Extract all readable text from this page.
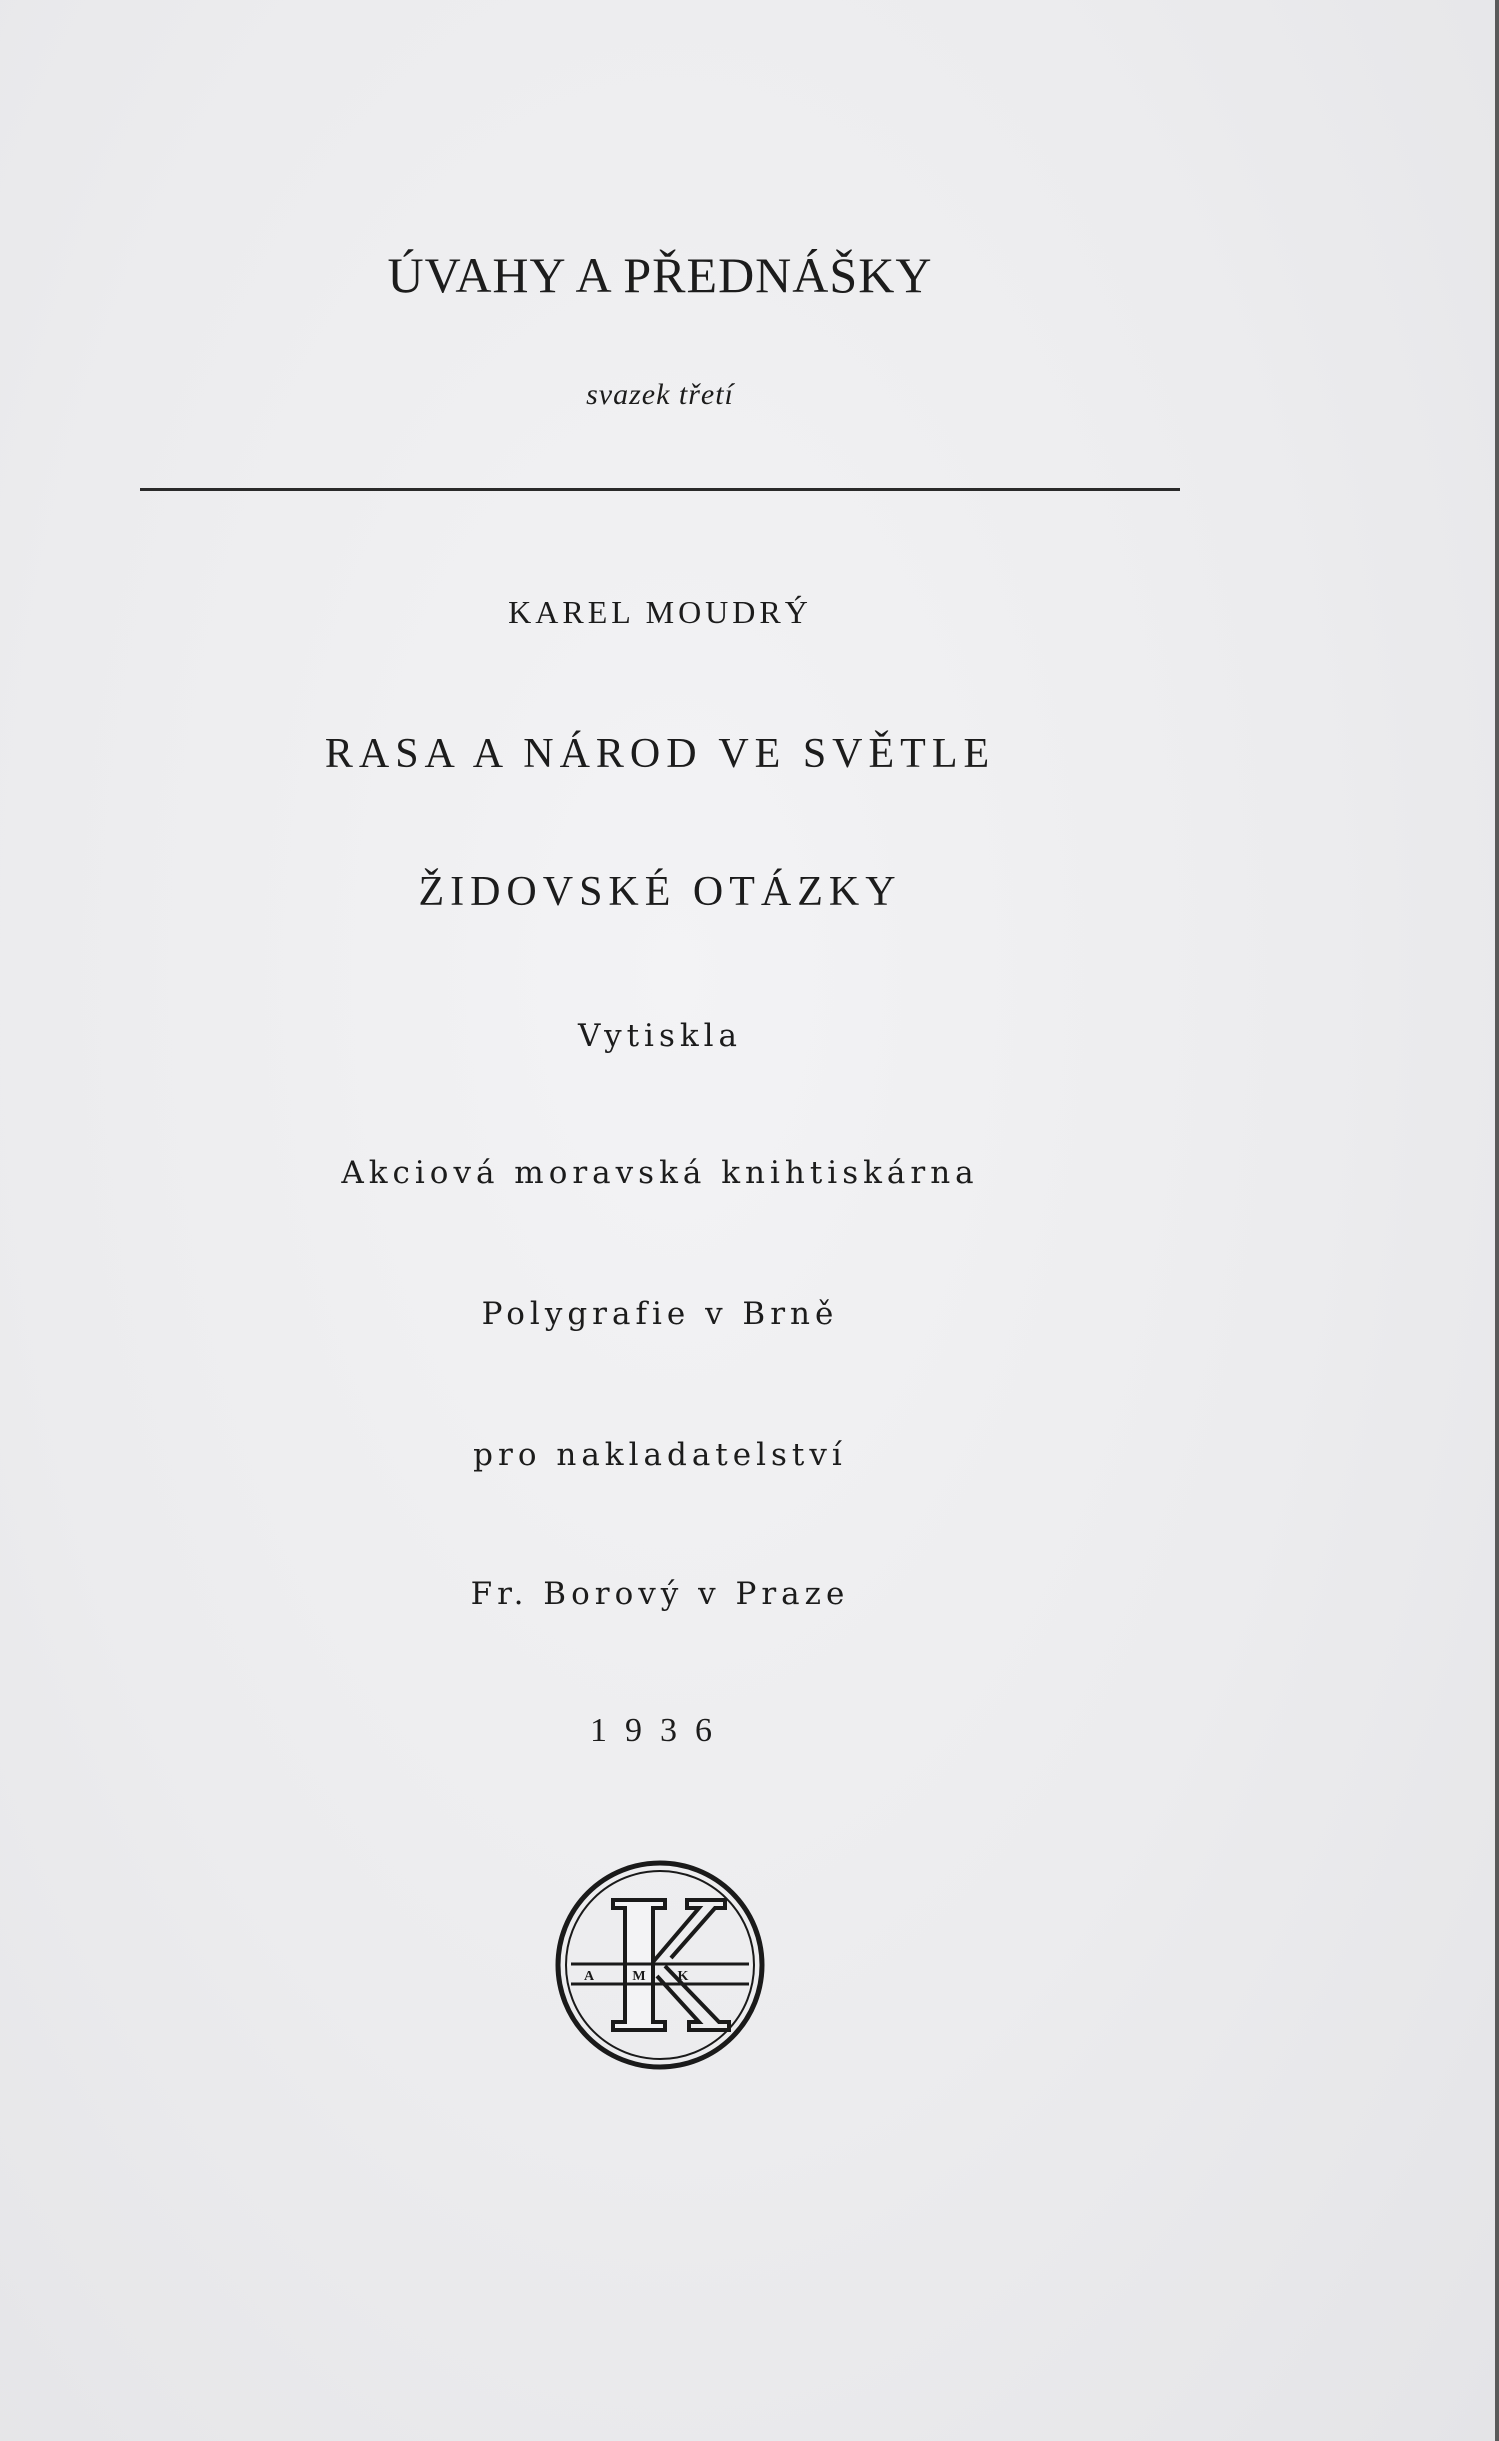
ÚVAHY A PŘEDNÁŠKY
svazek třetí
KAREL MOUDRÝ
RASA A NÁROD VE SVĚTLE
ŽIDOVSKÉ OTÁZKY
Vytiskla
Akciová moravská knihtiskárna
Polygrafie v Brně
pro nakladatelství
Fr. Borový v Praze
1936
A	M K
